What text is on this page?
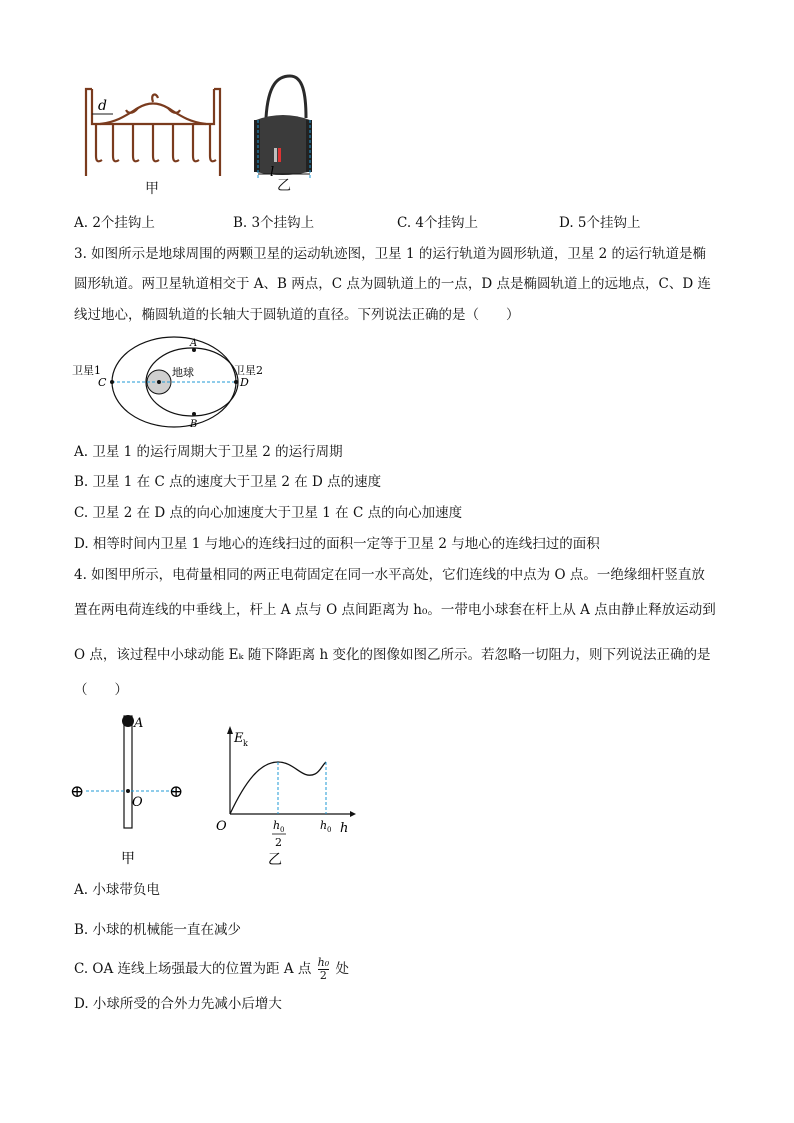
d
甲
l
乙
A. 2个挂钩上	B. 3个挂钩上	C. 4个挂钩上	D. 5个挂钩上
3. 如图所示是地球周围的两颗卫星的运动轨迹图，卫星 1 的运行轨道为圆形轨道，卫星 2 的运行轨道是椭
圆形轨道。两卫星轨道相交于 A、B 两点，C 点为圆轨道上的一点，D 点是椭圆轨道上的远地点，C、D 连
线过地心，椭圆轨道的长轴大于圆轨道的直径。下列说法正确的是（　　）
卫星1	卫星2
地球
A
B
C	D
A. 卫星 1 的运行周期大于卫星 2 的运行周期
B. 卫星 1 在 C 点的速度大于卫星 2 在 D 点的速度
C. 卫星 2 在 D 点的向心加速度大于卫星 1 在 C 点的向心加速度
D. 相等时间内卫星 1 与地心的连线扫过的面积一定等于卫星 2 与地心的连线扫过的面积
4. 如图甲所示，电荷量相同的两正电荷固定在同一水平高处，它们连线的中点为 O 点。一绝缘细杆竖直放
置在两电荷连线的中垂线上，杆上 A 点与 O 点间距离为 h₀。一带电小球套在杆上从 A 点由静止释放运动到
O 点，该过程中小球动能 Eₖ 随下降距离 h 变化的图像如图乙所示。若忽略一切阻力，则下列说法正确的是
（　　）
A
O
⊕	⊕
甲
E k
O	h
h 0
2
h 0
乙
A. 小球带负电
B. 小球的机械能一直在减少
C. OA 连线上场强最大的位置为距 A 点 $\frac{\text{h₀}}{2}$ 处
D. 小球所受的合外力先减小后增大
